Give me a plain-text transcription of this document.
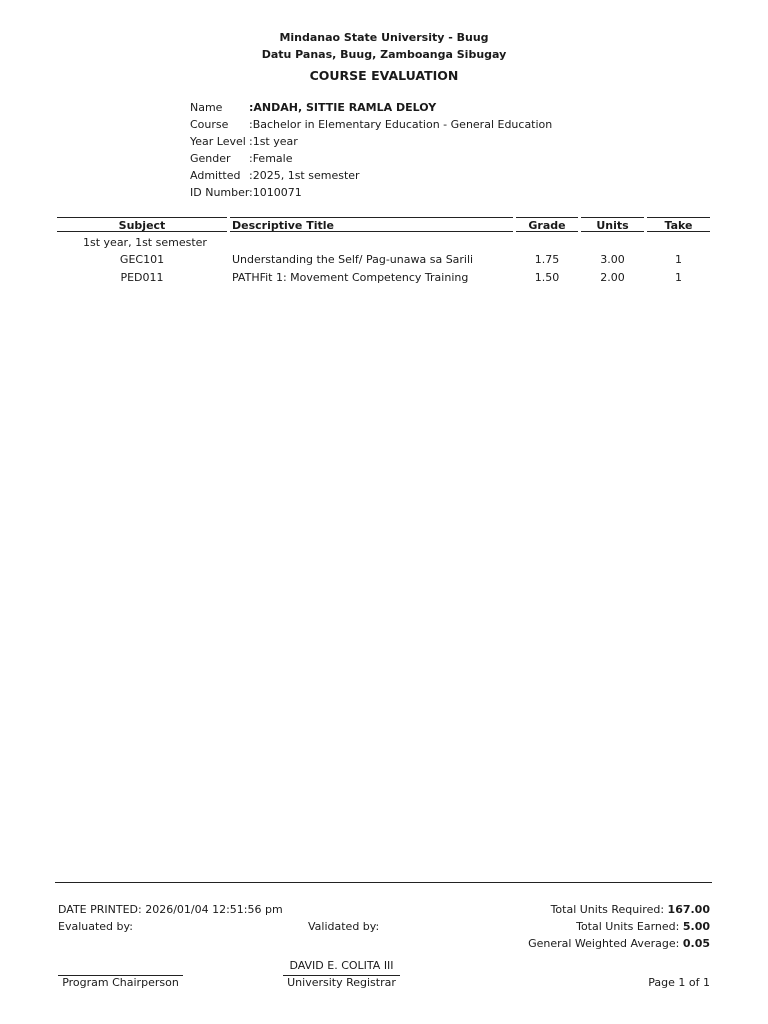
Mindanao State University - Buug
Datu Panas, Buug, Zamboanga Sibugay
COURSE EVALUATION
Name :ANDAH, SITTIE RAMLA DELOY
Course :Bachelor in Elementary Education - General Education
Year Level :1st year
Gender :Female
Admitted :2025, 1st semester
ID Number :1010071
Subject	Descriptive Title	Grade	Units	Take
1st year, 1st semester
GEC101	Understanding the Self/ Pag-unawa sa Sarili	1.75	3.00	1
PED011	PATHFit 1: Movement Competency Training	1.50	2.00	1
DATE PRINTED: 2026/01/04 12:51:56 pm
Evaluated by:	Validated by:
Total Units Required: 167.00
Total Units Earned: 5.00
General Weighted Average: 0.05
DAVID E. COLITA III
Program Chairperson	University Registrar	Page 1 of 1
